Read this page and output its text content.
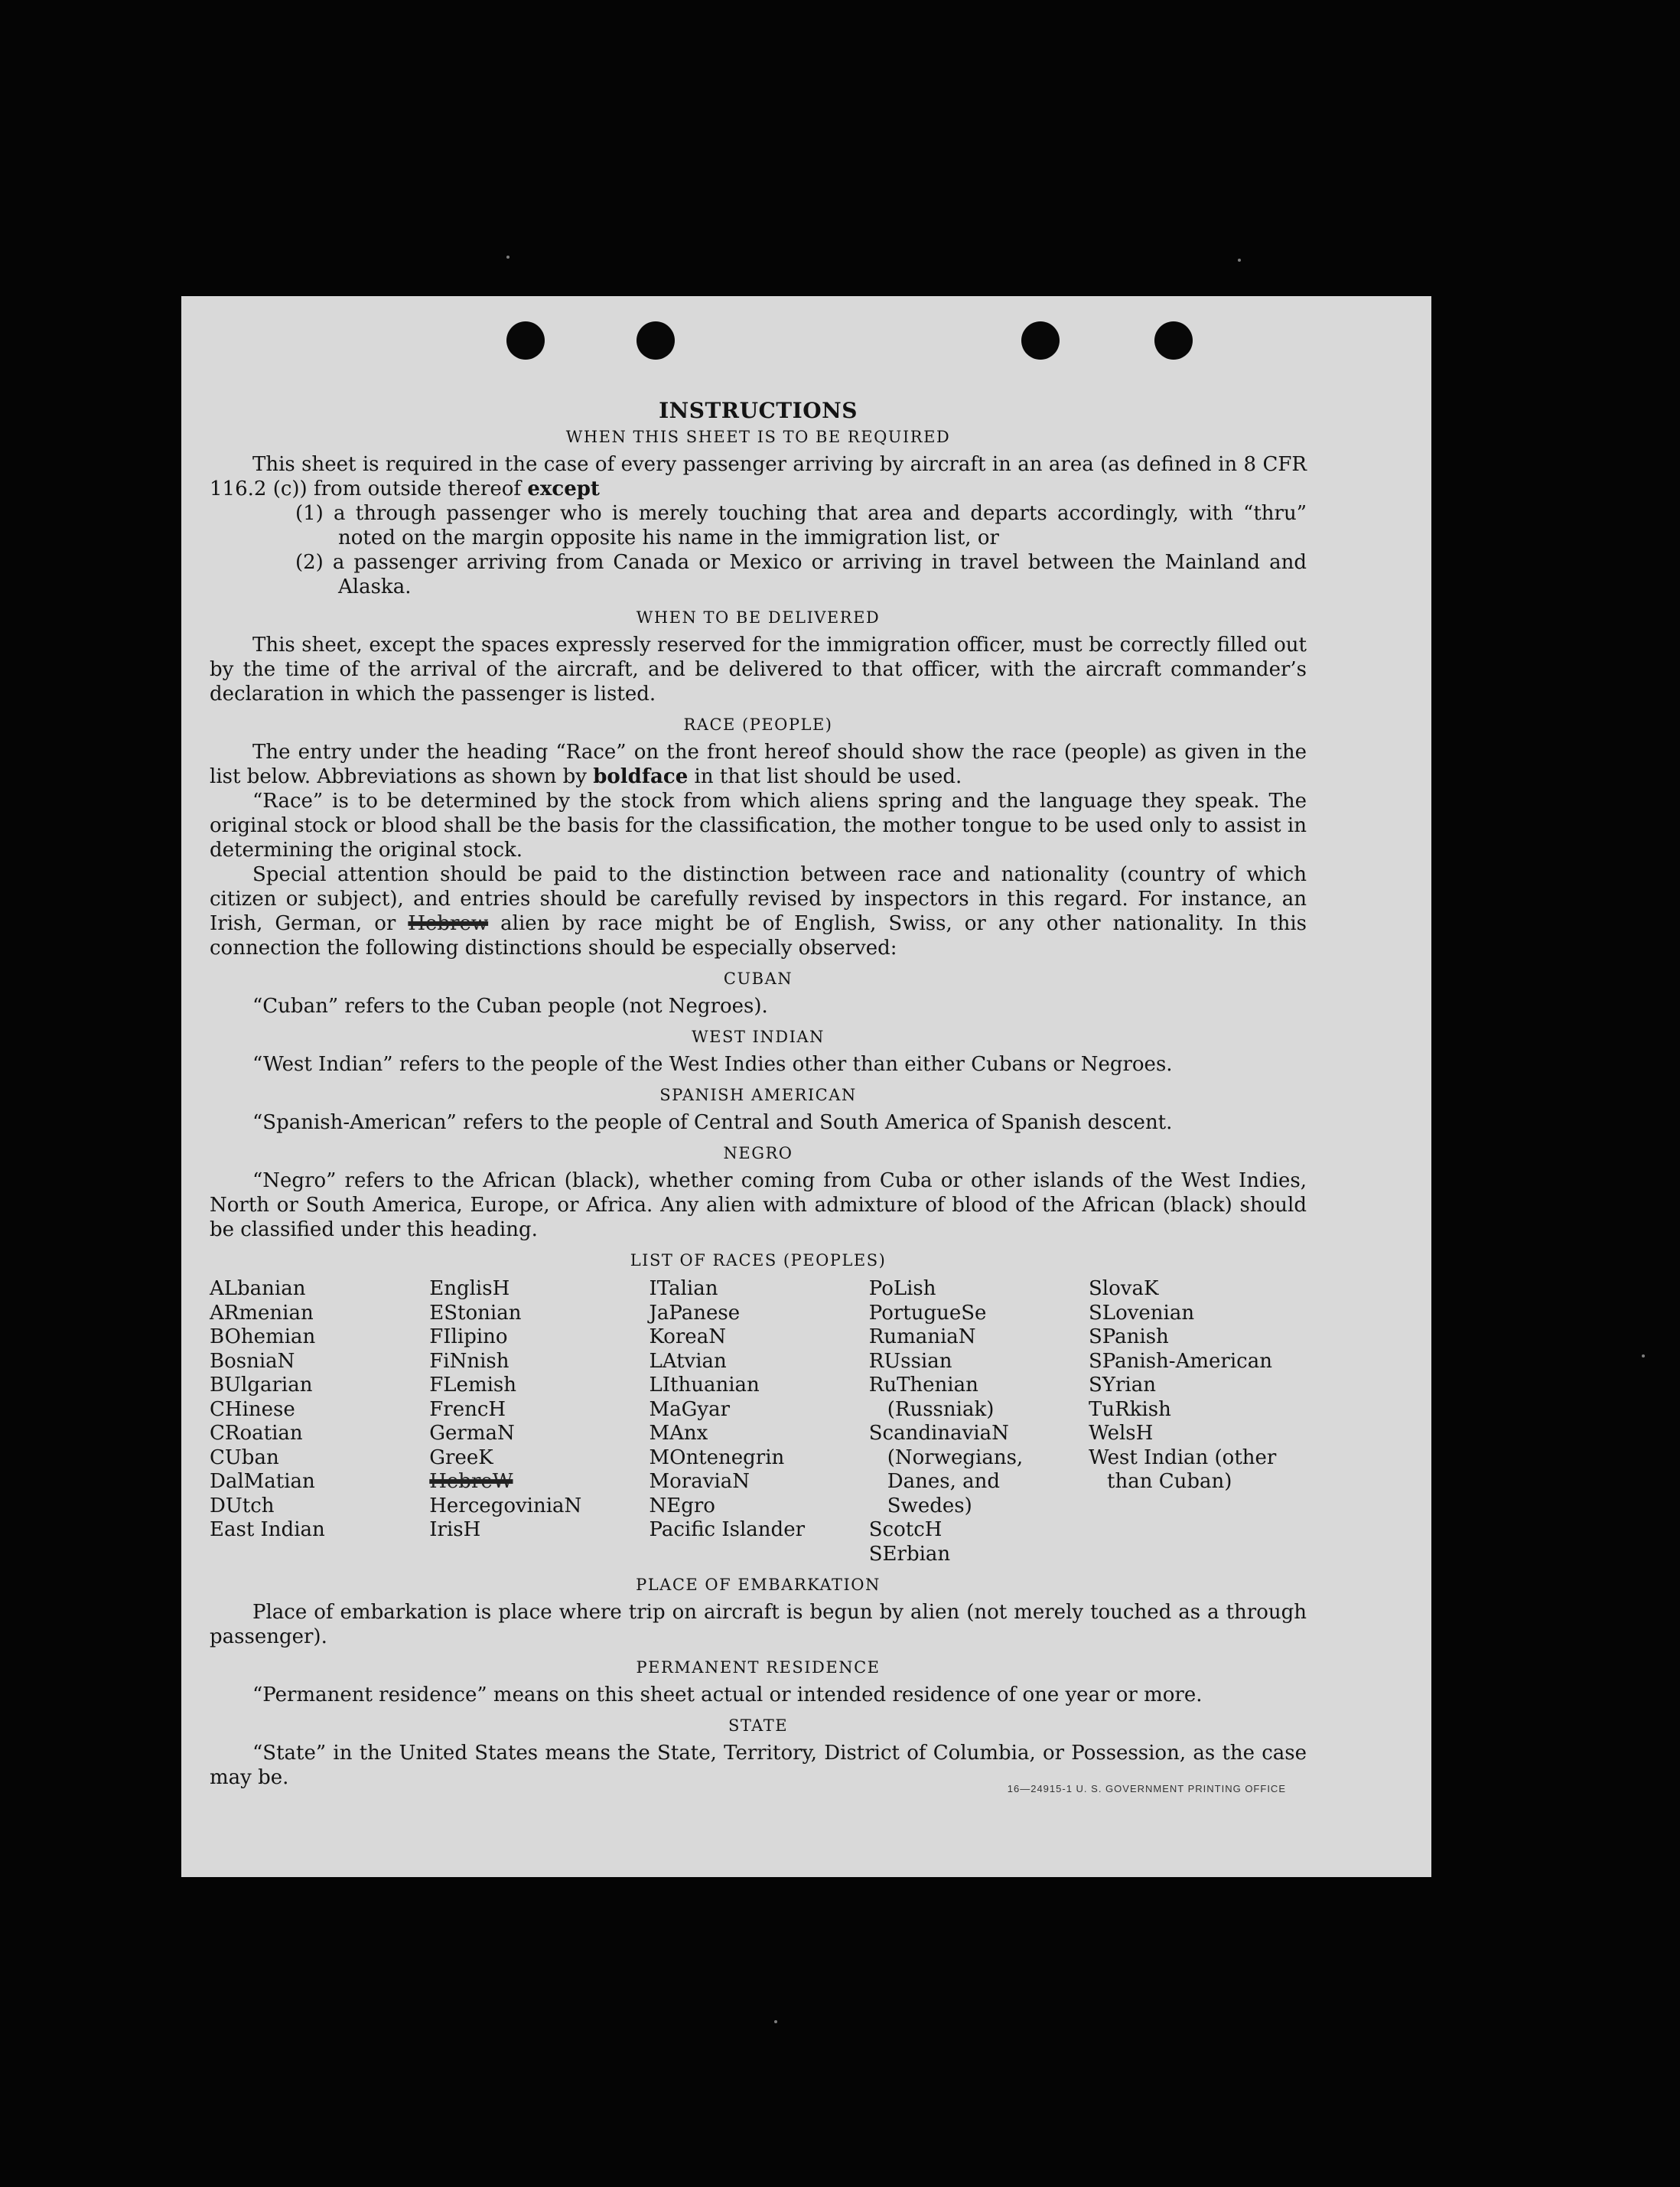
INSTRUCTIONS
WHEN THIS SHEET IS TO BE REQUIRED

This sheet is required in the case of every passenger arriving by aircraft in an area (as defined in 8 CFR 116.2 (c)) from outside thereof except

(1) a through passenger who is merely touching that area and departs accordingly, with “thru” noted on the margin opposite his name in the immigration list, or
(2) a passenger arriving from Canada or Mexico or arriving in travel between the Mainland and Alaska.
WHEN TO BE DELIVERED

This sheet, except the spaces expressly reserved for the immigration officer, must be correctly filled out by the time of the arrival of the aircraft, and be delivered to that officer, with the aircraft commander’s declaration in which the passenger is listed.

RACE (PEOPLE)

The entry under the heading “Race” on the front hereof should show the race (people) as given in the list below. Abbreviations as shown by boldface in that list should be used.

“Race” is to be determined by the stock from which aliens spring and the language they speak. The original stock or blood shall be the basis for the classification, the mother tongue to be used only to assist in determining the original stock.

Special attention should be paid to the distinction between race and nationality (country of which citizen or subject), and entries should be carefully revised by inspectors in this regard. For instance, an Irish, German, or Hebrew alien by race might be of English, Swiss, or any other nationality. In this connection the following distinctions should be especially observed:

CUBAN

“Cuban” refers to the Cuban people (not Negroes).

WEST INDIAN

“West Indian” refers to the people of the West Indies other than either Cubans or Negroes.

SPANISH AMERICAN

“Spanish-American” refers to the people of Central and South America of Spanish descent.

NEGRO

“Negro” refers to the African (black), whether coming from Cuba or other islands of the West Indies, North or South America, Europe, or Africa. Any alien with admixture of blood of the African (black) should be classified under this heading.

LIST OF RACES (PEOPLES)
ALbanian
ARmenian
BOhemian
BosniaN
BUlgarian
CHinese
CRoatian
CUban
DalMatian
DUtch
East Indian
EnglisH
EStonian
FIlipino
FiNnish
FLemish
FrencH
GermaN
GreeK
HebreW
HercegoviniaN
IrisH
ITalian
JaPanese
KoreaN
LAtvian
LIthuanian
MaGyar
MAnx
MOntenegrin
MoraviaN
NEgro
Pacific Islander
PoLish
PortugueSe
RumaniaN
RUssian
RuThenian (Russniak)
ScandinaviaN (Norwegians, Danes, and Swedes)
ScotcH
SErbian
SlovaK
SLovenian
SPanish
SPanish-American
SYrian
TuRkish
WelsH
West Indian (other than Cuban)
PLACE OF EMBARKATION

Place of embarkation is place where trip on aircraft is begun by alien (not merely touched as a through passenger).

PERMANENT RESIDENCE

“Permanent residence” means on this sheet actual or intended residence of one year or more.

STATE

“State” in the United States means the State, Territory, District of Columbia, or Possession, as the case may be.	16—24915-1 U. S. GOVERNMENT PRINTING OFFICE
